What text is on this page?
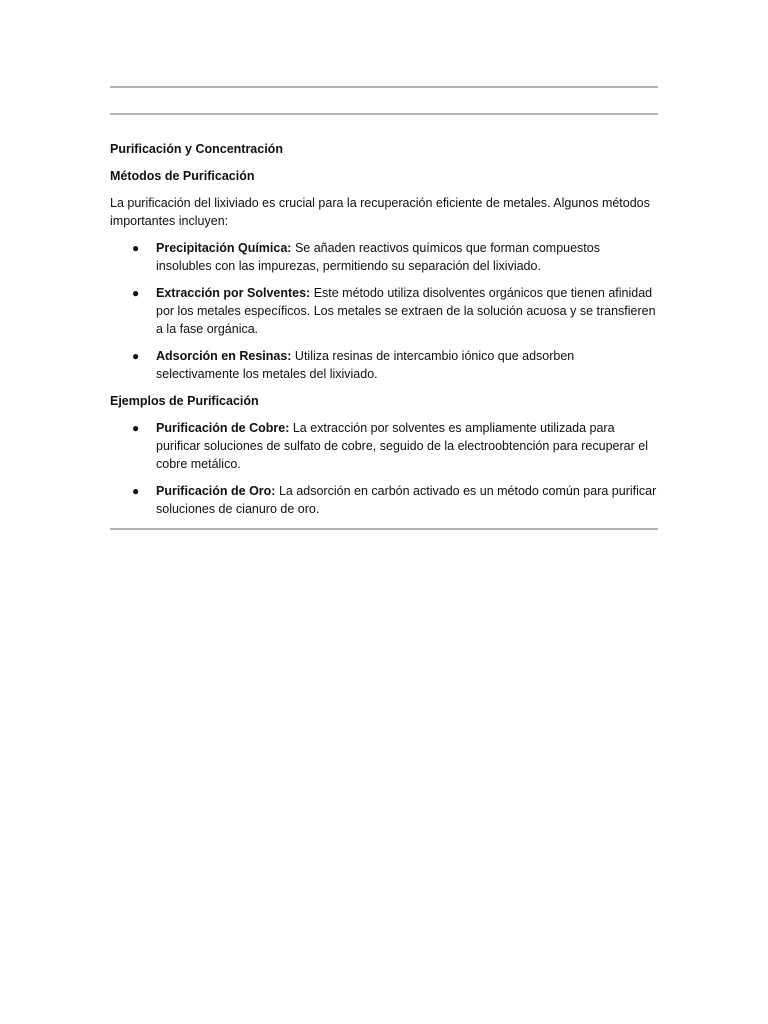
Purificación y Concentración
Métodos de Purificación
La purificación del lixiviado es crucial para la recuperación eficiente de metales. Algunos métodos importantes incluyen:
● Precipitación Química: Se añaden reactivos químicos que forman compuestos insolubles con las impurezas, permitiendo su separación del lixiviado.
● Extracción por Solventes: Este método utiliza disolventes orgánicos que tienen afinidad por los metales específicos. Los metales se extraen de la solución acuosa y se transfieren a la fase orgánica.
● Adsorción en Resinas: Utiliza resinas de intercambio iónico que adsorben selectivamente los metales del lixiviado.
Ejemplos de Purificación
● Purificación de Cobre: La extracción por solventes es ampliamente utilizada para purificar soluciones de sulfato de cobre, seguido de la electroobtención para recuperar el cobre metálico.
● Purificación de Oro: La adsorción en carbón activado es un método común para purificar soluciones de cianuro de oro.
